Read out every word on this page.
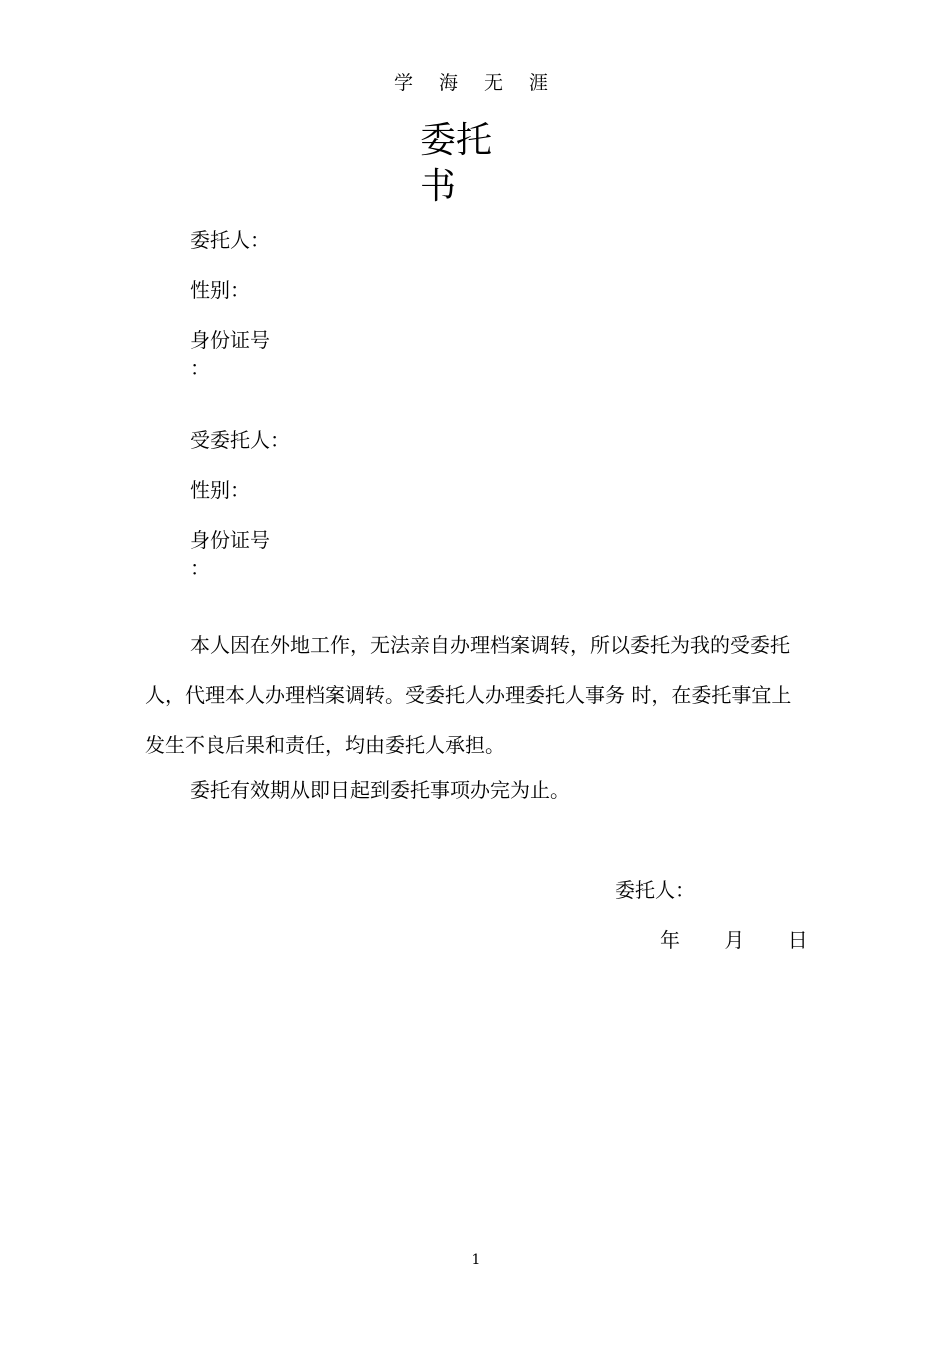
学 海 无 涯
委托书
委托人：
性别：
身份证号
：
受委托人：
性别：
身份证号
：

本人因在外地工作，无法亲自办理档案调转，所以委托为我的受委托人，代理本人办理档案调转。受委托人办理委托人事务 时，在委托事宜上发生不良后果和责任，均由委托人承担。

委托有效期从即日起到委托事项办完为止。
委托人：
年 月 日
1
